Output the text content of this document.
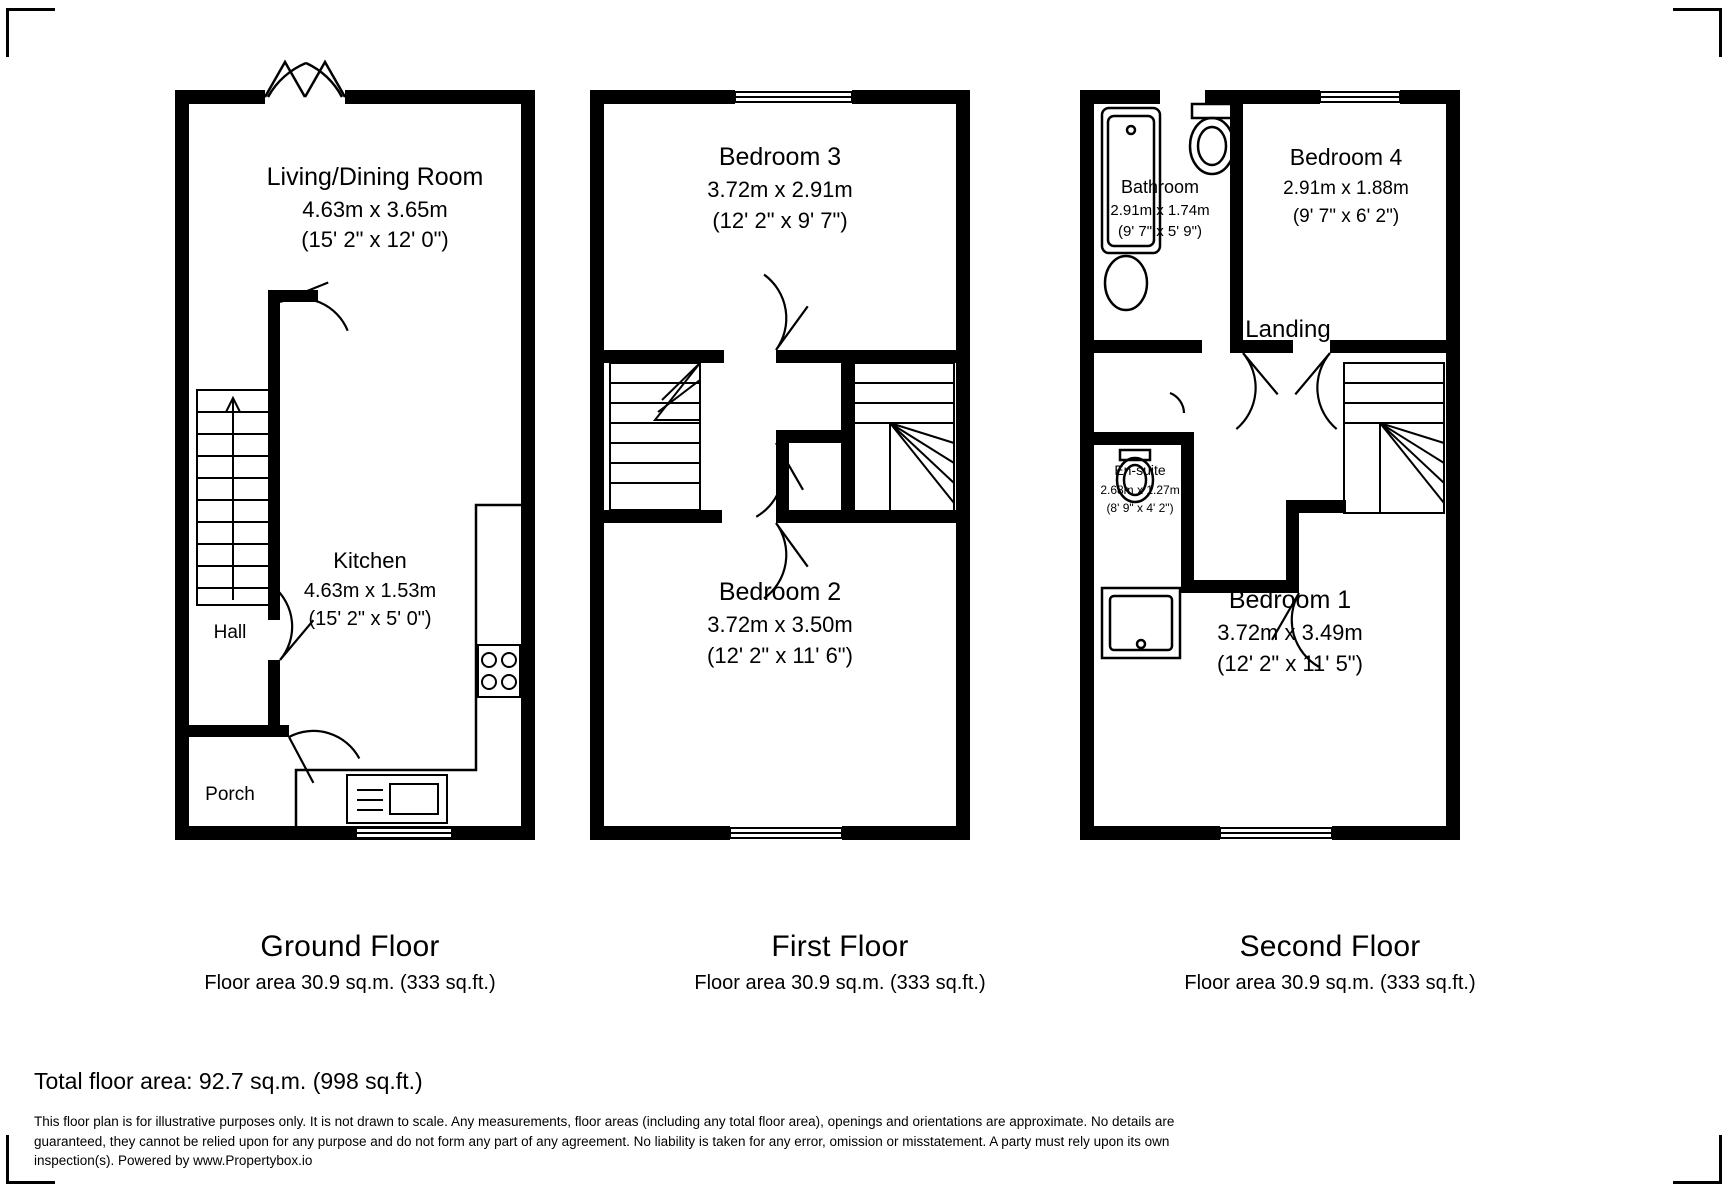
Living/Dining Room
4.63m x 3.65m
(15' 2" x 12' 0")
Kitchen
4.63m x 1.53m
(15' 2" x 5' 0")
Hall
Porch
Ground Floor
Floor area 30.9 sq.m. (333 sq.ft.)
Bedroom 3
3.72m x 2.91m
(12' 2" x 9' 7")
Bedroom 2
3.72m x 3.50m
(12' 2" x 11' 6")
First Floor
Floor area 30.9 sq.m. (333 sq.ft.)
Bathroom
2.91m x 1.74m
(9' 7" x 5' 9")
Bedroom 4
2.91m x 1.88m
(9' 7" x 6' 2")
Landing
En-suite
2.68m x 1.27m
(8' 9" x 4' 2")
Bedroom 1
3.72m x 3.49m
(12' 2" x 11' 5")
Second Floor
Floor area 30.9 sq.m. (333 sq.ft.)
Total floor area: 92.7 sq.m. (998 sq.ft.)
This floor plan is for illustrative purposes only. It is not drawn to scale. Any measurements, floor areas (including any total floor area), openings and orientations are approximate. No details are guaranteed, they cannot be relied upon for any purpose and do not form any part of any agreement. No liability is taken for any error, omission or misstatement. A party must rely upon its own inspection(s). Powered by www.Propertybox.io
